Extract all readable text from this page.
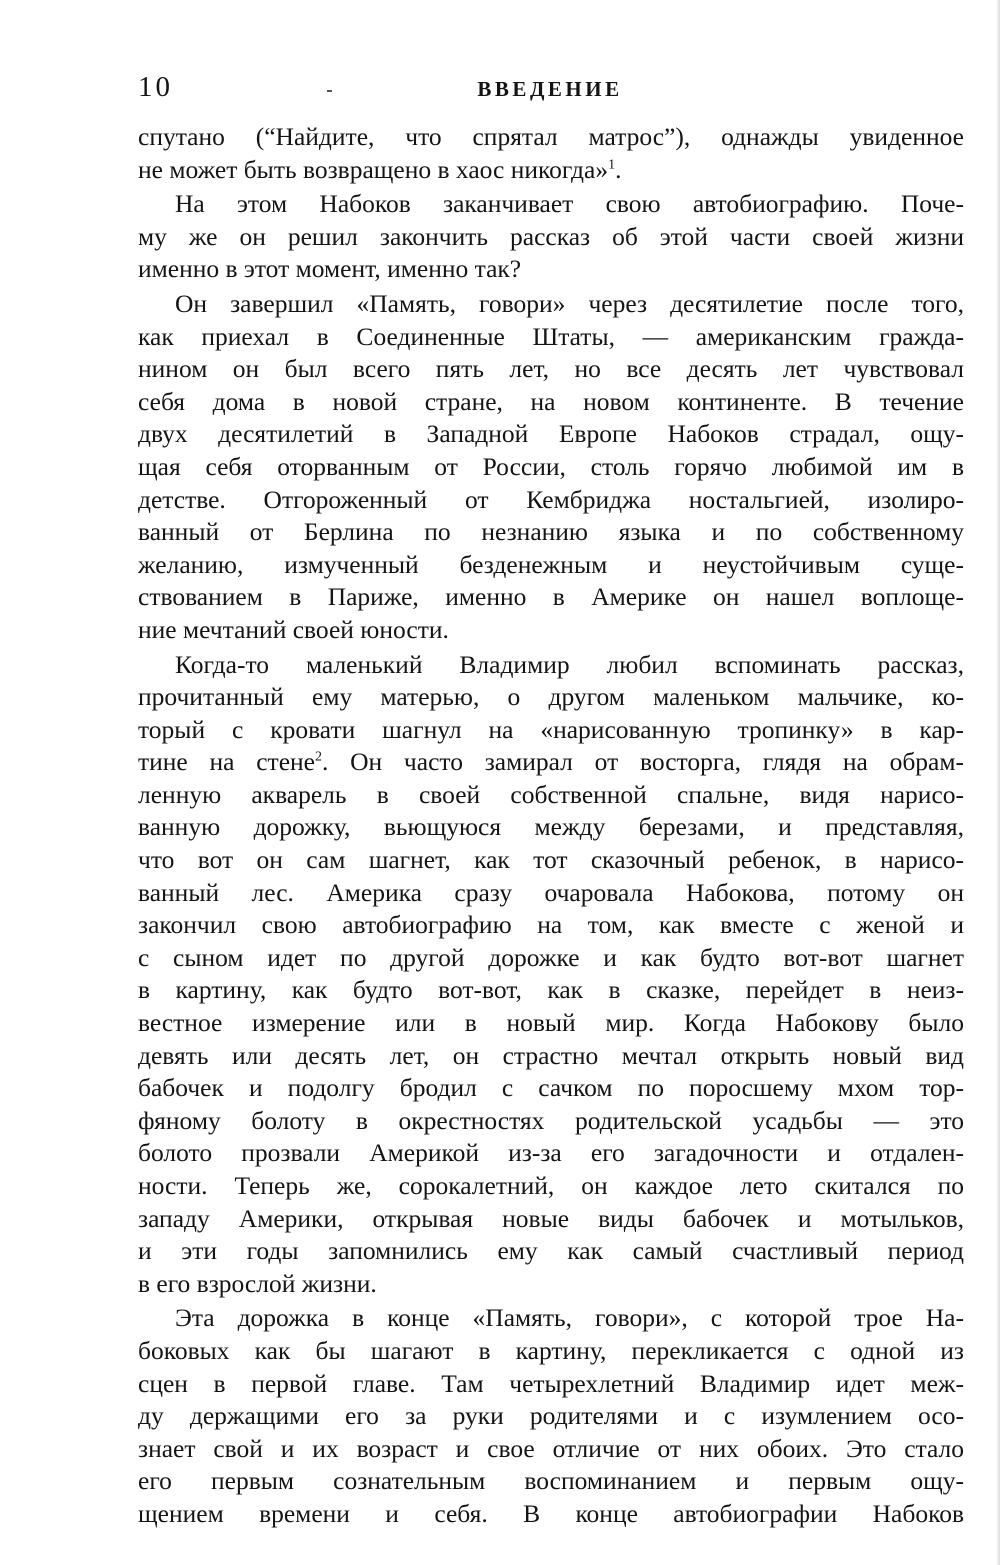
10	ВВЕДЕНИЕ
спутано (“Найдите, что спрятал матрос”), однажды увиденное
не может быть возвращено в хаос никогда»$^1$.
На этом Набоков заканчивает свою автобиографию. Поче-
му же он решил закончить рассказ об этой части своей жизни
именно в этот момент, именно так?
Он завершил «Память, говори» через десятилетие после того,
как приехал в Соединенные Штаты, — американским гражда-
нином он был всего пять лет, но все десять лет чувствовал
себя дома в новой стране, на новом континенте. В течение
двух десятилетий в Западной Европе Набоков страдал, ощу-
щая себя оторванным от России, столь горячо любимой им в
детстве. Отгороженный от Кембриджа ностальгией, изолиро-
ванный от Берлина по незнанию языка и по собственному
желанию, измученный безденежным и неустойчивым суще-
ствованием в Париже, именно в Америке он нашел воплоще-
ние мечтаний своей юности.
Когда-то маленький Владимир любил вспоминать рассказ,
прочитанный ему матерью, о другом маленьком мальчике, ко-
торый с кровати шагнул на «нарисованную тропинку» в кар-
тине на стене$^2$. Он часто замирал от восторга, глядя на обрам-
ленную акварель в своей собственной спальне, видя нарисо-
ванную дорожку, вьющуюся между березами, и представляя,
что вот он сам шагнет, как тот сказочный ребенок, в нарисо-
ванный лес. Америка сразу очаровала Набокова, потому он
закончил свою автобиографию на том, как вместе с женой и
с сыном идет по другой дорожке и как будто вот-вот шагнет
в картину, как будто вот-вот, как в сказке, перейдет в неиз-
вестное измерение или в новый мир. Когда Набокову было
девять или десять лет, он страстно мечтал открыть новый вид
бабочек и подолгу бродил с сачком по поросшему мхом тор-
фяному болоту в окрестностях родительской усадьбы — это
болото прозвали Америкой из-за его загадочности и отдален-
ности. Теперь же, сорокалетний, он каждое лето скитался по
западу Америки, открывая новые виды бабочек и мотыльков,
и эти годы запомнились ему как самый счастливый период
в его взрослой жизни.
Эта дорожка в конце «Память, говори», с которой трое На-
боковых как бы шагают в картину, перекликается с одной из
сцен в первой главе. Там четырехлетний Владимир идет меж-
ду держащими его за руки родителями и с изумлением осо-
знает свой и их возраст и свое отличие от них обоих. Это стало
его первым сознательным воспоминанием и первым ощу-
щением времени и себя. В конце автобиографии Набоков
